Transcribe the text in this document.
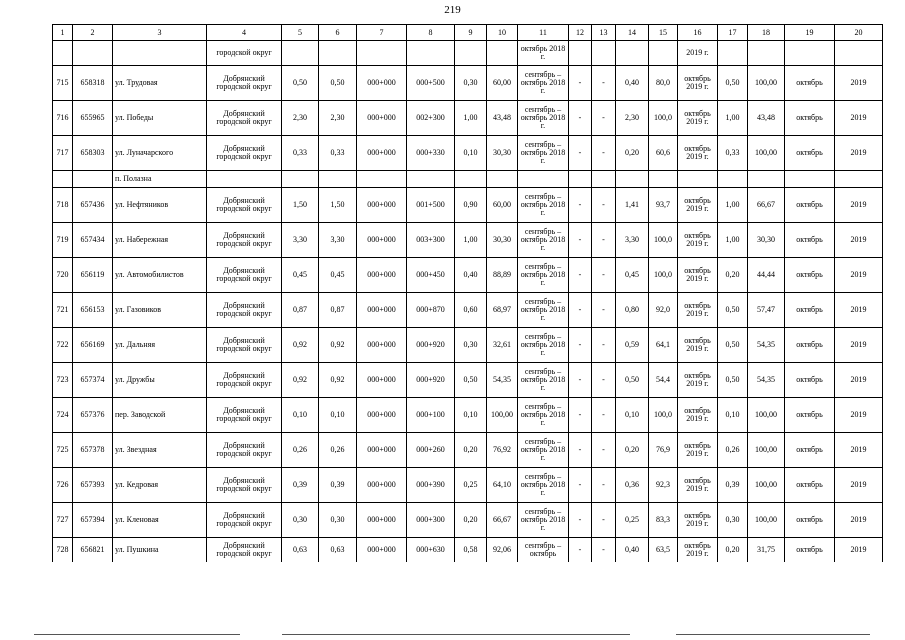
219
1	2	3	4	5	6	7	8	9	10	11	12	13	14	15	16	17	18	19	20
			городской округ							октябрь 2018 г.					2019 г.				
715	658318	ул. Трудовая	Добрянский городской округ	0,50	0,50	000+000	000+500	0,30	60,00	сентябрь – октябрь 2018 г.	-	-	0,40	80,0	октябрь 2019 г.	0,50	100,00	октябрь	2019
716	655965	ул. Победы	Добрянский городской округ	2,30	2,30	000+000	002+300	1,00	43,48	сентябрь – октябрь 2018 г.	-	-	2,30	100,0	октябрь 2019 г.	1,00	43,48	октябрь	2019
717	658303	ул. Луначарского	Добрянский городской округ	0,33	0,33	000+000	000+330	0,10	30,30	сентябрь – октябрь 2018 г.	-	-	0,20	60,6	октябрь 2019 г.	0,33	100,00	октябрь	2019
		п. Полазна																	
718	657436	ул. Нефтяников	Добрянский городской округ	1,50	1,50	000+000	001+500	0,90	60,00	сентябрь – октябрь 2018 г.	-	-	1,41	93,7	октябрь 2019 г.	1,00	66,67	октябрь	2019
719	657434	ул. Набережная	Добрянский городской округ	3,30	3,30	000+000	003+300	1,00	30,30	сентябрь – октябрь 2018 г.	-	-	3,30	100,0	октябрь 2019 г.	1,00	30,30	октябрь	2019
720	656119	ул. Автомобилистов	Добрянский городской округ	0,45	0,45	000+000	000+450	0,40	88,89	сентябрь – октябрь 2018 г.	-	-	0,45	100,0	октябрь 2019 г.	0,20	44,44	октябрь	2019
721	656153	ул. Газовиков	Добрянский городской округ	0,87	0,87	000+000	000+870	0,60	68,97	сентябрь – октябрь 2018 г.	-	-	0,80	92,0	октябрь 2019 г.	0,50	57,47	октябрь	2019
722	656169	ул. Дальняя	Добрянский городской округ	0,92	0,92	000+000	000+920	0,30	32,61	сентябрь – октябрь 2018 г.	-	-	0,59	64,1	октябрь 2019 г.	0,50	54,35	октябрь	2019
723	657374	ул. Дружбы	Добрянский городской округ	0,92	0,92	000+000	000+920	0,50	54,35	сентябрь – октябрь 2018 г.	-	-	0,50	54,4	октябрь 2019 г.	0,50	54,35	октябрь	2019
724	657376	пер. Заводской	Добрянский городской округ	0,10	0,10	000+000	000+100	0,10	100,00	сентябрь – октябрь 2018 г.	-	-	0,10	100,0	октябрь 2019 г.	0,10	100,00	октябрь	2019
725	657378	ул. Звездная	Добрянский городской округ	0,26	0,26	000+000	000+260	0,20	76,92	сентябрь – октябрь 2018 г.	-	-	0,20	76,9	октябрь 2019 г.	0,26	100,00	октябрь	2019
726	657393	ул. Кедровая	Добрянский городской округ	0,39	0,39	000+000	000+390	0,25	64,10	сентябрь – октябрь 2018 г.	-	-	0,36	92,3	октябрь 2019 г.	0,39	100,00	октябрь	2019
727	657394	ул. Кленовая	Добрянский городской округ	0,30	0,30	000+000	000+300	0,20	66,67	сентябрь – октябрь 2018 г.	-	-	0,25	83,3	октябрь 2019 г.	0,30	100,00	октябрь	2019
728	656821	ул. Пушкина	Добрянский городской округ	0,63	0,63	000+000	000+630	0,58	92,06	сентябрь – октябрь	-	-	0,40	63,5	октябрь 2019 г.	0,20	31,75	октябрь	2019
